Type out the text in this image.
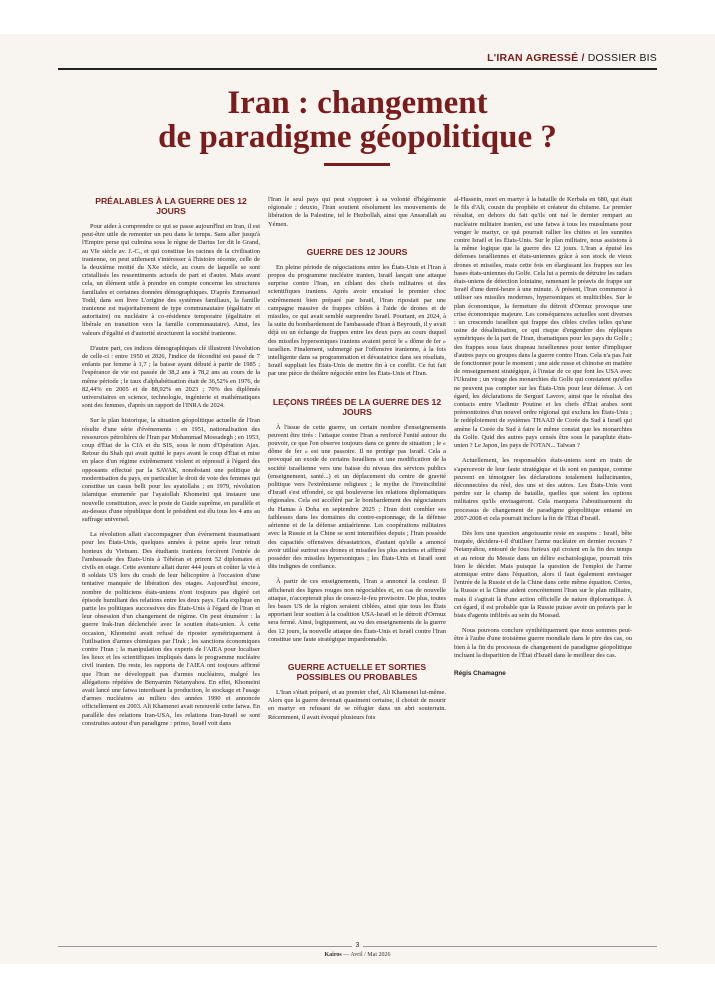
L'IRAN AGRESSÉ / DOSSIER BIS
Iran : changement
de paradigme géopolitique ?

PRÉALABLES À LA GUERRE DES 12 JOURS

Pour aider à comprendre ce qui se passe aujourd'hui en Iran, il est peut-être utile de remonter un peu dans le temps. Sans aller jusqu'à l'Empire perse qui culmina sous le règne de Darius 1er dit le Grand, au VIe siècle av. J.-C., et qui constitue les racines de la civilisation iranienne, on peut utilement s'intéresser à l'histoire récente, celle de la deuxième moitié du XXe siècle, au cours de laquelle se sont cristallisés les ressentiments actuels de part et d'autre. Mais avant cela, un élément utile à prendre en compte concerne les structures familiales et certaines données démographiques. D'après Emmanuel Todd, dans son livre L'origine des systèmes familiaux, la famille iranienne est majoritairement de type communautaire (égalitaire et autoritaire) ou nucléaire à co-résidence temporaire (égalitaire et libérale en transition vers la famille communautaire). Ainsi, les valeurs d'égalité et d'autorité structurent la société iranienne.

D'autre part, ces indices démographiques clé illustrent l'évolution de celle-ci : entre 1950 et 2026, l'indice de fécondité est passé de 7 enfants par femme à 1,7 ; la baisse ayant débuté à partir de 1985 ; l'espérance de vie est passée de 38,2 ans à 78,2 ans au cours de la même période ; le taux d'alphabétisation était de 36,52% en 1976, de 82,44% en 2005 et de 88,92% en 2023 ; 70% des diplômés universitaires en science, technologie, ingénierie et mathématiques sont des femmes, d'après un rapport de l'INRA de 2024.

Sur le plan historique, la situation géopolitique actuelle de l'Iran résulte d'une série d'événements : en 1951, nationalisation des ressources pétrolières de l'Iran par Mohammad Mossadegh ; en 1953, coup d'État de la CIA et du SIS, sous le nom d'Opération Ajax. Retour du Shah qui avait quitté le pays avant le coup d'État et mise en place d'un régime extrêmement violent et répressif à l'égard des opposants effectué par la SAVAK, nonobstant une politique de modernisation du pays, en particulier le droit de vote des femmes qui constitue un casus belli pour les ayatollahs ; en 1979, révolution islamique emmenée par l'ayatollah Khomeini qui instaure une nouvelle constitution, avec le poste de Guide suprême, en parallèle et au-dessus d'une république dont le président est élu tous les 4 ans au suffrage universel.

La révolution allait s'accompagner d'un événement traumatisant pour les États-Unis, quelques années à peine après leur retrait honteux du Vietnam. Des étudiants iraniens forcèrent l'entrée de l'ambassade des États-Unis à Téhéran et prirent 52 diplomates et civils en otage. Cette aventure allait durer 444 jours et coûter la vie à 8 soldats US lors du crash de leur hélicoptère à l'occasion d'une tentative manquée de libération des otages. Aujourd'hui encore, nombre de politiciens états-uniens n'ont toujours pas digéré cet épisode humiliant des relations entre les deux pays. Cela explique en partie les politiques successives des États-Unis à l'égard de l'Iran et leur obsession d'un changement de régime. On peut énumérer : la guerre Irak-Iran déclenchée avec le soutien états-unien. À cette occasion, Khomeini avait refusé de riposter symétriquement à l'utilisation d'armes chimiques par l'Irak ; les sanctions économiques contre l'Iran ; la manipulation des experts de l'AIEA pour localiser les lieux et les scientifiques impliqués dans le programme nucléaire civil iranien. Du reste, les rapports de l'AIEA ont toujours affirmé que l'Iran ne développait pas d'armes nucléaires, malgré les allégations répétées de Benyamin Netanyahou. En effet, Khomeini avait lancé une fatwa interdisant la production, le stockage et l'usage d'armes nucléaires au milieu des années 1990 et annoncée officiellement en 2003. Ali Khamenei avait renouvelé cette fatwa. En parallèle des relations Iran-USA, les relations Iran-Israël se sont construites autour d'un paradigme : primo, Israël voit dans

l'Iran le seul pays qui peut s'opposer à sa volonté d'hégémonie régionale ; deuxio, l'Iran soutient résolument les mouvements de libération de la Palestine, tel le Hezbollah, ainsi que Ansarallah au Yémen.

GUERRE DES 12 JOURS

En pleine période de négociations entre les États-Unis et l'Iran à propos du programme nucléaire iranien, Israël lançait une attaque surprise contre l'Iran, en ciblant des chefs militaires et des scientifiques iraniens. Après avoir encaissé le premier choc extrêmement bien préparé par Israël, l'Iran ripostait par une campagne massive de frappes ciblées à l'aide de drones et de missiles, ce qui avait semblé surprendre Israël. Pourtant, en 2024, à la suite du bombardement de l'ambassade d'Iran à Beyrouth, il y avait déjà eu un échange de frappes entre les deux pays au cours duquel des missiles hypersoniques iraniens avaient percé le « dôme de fer » israélien. Finalement, submergé par l'offensive iranienne, à la fois intelligente dans sa programmation et dévastatrice dans ses résultats, Israël suppliait les États-Unis de mettre fin à ce conflit. Ce fut fait par une pièce de théâtre négociée entre les États-Unis et l'Iran.

LEÇONS TIRÉES DE LA GUERRE DES 12 JOURS

À l'issue de cette guerre, un certain nombre d'enseignements peuvent être tirés : l'attaque contre l'Iran a renforcé l'unité autour du pouvoir, ce que l'on observe toujours dans ce genre de situation ; le « dôme de fer » est une passoire. Il ne protège pas Israël. Cela a provoqué un exode de certains Israéliens et une modification de la société israélienne vers une baisse du niveau des services publics (enseignement, santé...) et un déplacement du centre de gravité politique vers l'extrémisme religieux ; le mythe de l'invincibilité d'Israël s'est effondré, ce qui bouleverse les relations diplomatiques régionales. Cela est accéléré par le bombardement des négociateurs du Hamas à Doha en septembre 2025 ; l'Iran doit combler ses faiblesses dans les domaines du contre-espionnage, de la défense aérienne et de la défense antiaérienne. Les coopérations militaires avec la Russie et la Chine se sont intensifiées depuis ; l'Iran possède des capacités offensives dévastatrices, d'autant qu'elle a amoncé avoir utilisé surtout ses drones et missiles les plus anciens et affirmé posséder des missiles hypersoniques ; les États-Unis et Israël sont dits indignes de confiance.

À partir de ces enseignements, l'Iran a annoncé la couleur. Il afficherait des lignes rouges non négociables et, en cas de nouvelle attaque, n'accepterait plus de cessez-le-feu provisoire. De plus, toutes les bases US de la région seraient ciblées, ainsi que tous les États apportant leur soutien à la coalition USA-Israël et le détroit d'Ormuz sera fermé. Ainsi, logiquement, au vu des enseignements de la guerre des 12 jours, la nouvelle attaque des États-Unis et Israël contre l'Iran constitue une faute stratégique impardonnable.

GUERRE ACTUELLE ET SORTIES POSSIBLES OU PROBABLES

L'Iran s'était préparé, et au premier chef, Ali Khamenei lui-même. Alors que la guerre devenait quasiment certaine, il choisit de mourir en martyr en refusant de se réfugier dans un abri souterrain. Récemment, il avait évoqué plusieurs fois

al-Hussein, mort en martyr à la bataille de Kerbala en 680, qui était le fils d'Ali, cousin du prophète et créateur du chiisme. Le premier résultat, en dehors du fait qu'ils ont tué le dernier rempart au nucléaire militaire iranien, est une fatwa à tous les musulmans pour venger le martyr, ce qui pourrait rallier les chiites et les sunnites contre Israël et les États-Unis. Sur le plan militaire, nous assistons à la même logique que la guerre des 12 jours. L'Iran a épuisé les défenses israéliennes et états-uniennes grâce à son stock de vieux drones et missiles, mais cette fois en élargissant les frappes sur les bases états-uniennes du Golfe. Cela lui a permis de détruire les radars états-uniens de détection lointaine, ramenant le préavis de frappe sur Israël d'une demi-heure à une minute. À présent, l'Iran commence à utiliser ses missiles modernes, hypersoniques et multicibles. Sur le plan économique, la fermeture du détroit d'Ormuz provoque une crise économique majeure. Les conséquences actuelles sont diverses : un crescendo israélien qui frappe des cibles civiles telles qu'une usine de désalinisation, ce qui risque d'engendrer des répliques symétriques de la part de l'Iran, dramatiques pour les pays du Golfe ; des frappes sous faux drapeau israéliennes pour tenter d'impliquer d'autres pays ou groupes dans la guerre contre l'Iran. Cela n'a pas l'air de fonctionner pour le moment ; une aide russe et chinoise en matière de renseignement stratégique, à l'instar de ce que font les USA avec l'Ukraine ; un virage des monarchies du Golfe qui constatent qu'elles ne peuvent pas compter sur les États-Unis pour leur défense. À cet égard, les déclarations de Sergueï Lavrov, ainsi que le résultat des contacts entre Vladimir Poutine et les chefs d'État arabes sont prémonitoires d'un nouvel ordre régional qui exclura les États-Unis ; le redéploiement de systèmes THAAD de Corée du Sud à Israël qui amène la Corée du Sud à faire le même constat que les monarchies du Golfe. Quid des autres pays censés être sous le parapluie états-unien ? Le Japon, les pays de l'OTAN... Taïwan ?

Actuellement, les responsables états-uniens sont en train de s'apercevoir de leur faute stratégique et ils sont en panique, comme peuvent en témoigner les déclarations totalement hallucinantes, déconnectées du réel, des uns et des autres. Les États-Unis vont perdre sur le champ de bataille, quelles que soient les options militaires qu'ils envisageront. Cela marquera l'aboutissement du processus de changement de paradigme géopolitique entamé en 2007-2008 et cela pourrait inclure la fin de l'État d'Israël.

Dès lors une question angoissante reste en suspens : Israël, bête traquée, décidera-t-il d'utiliser l'arme nucléaire en dernier recours ? Netanyahou, entouré de fous furieux qui croient en la fin des temps et au retour du Messie dans un délire eschatologique, pourrait très bien le décider. Mais puisque la question de l'emploi de l'arme atomique entre dans l'équation, alors il faut également envisager l'entrée de la Russie et de la Chine dans cette même équation. Certes, la Russie et la Chine aident concrètement l'Iran sur le plan militaire, mais il s'agirait là d'une action officielle de nature diplomatique. À cet égard, il est probable que la Russie puisse avoir un préavis par le biais d'agents infiltrés au sein du Mossad.

Nous pouvons conclure synthétiquement que nous sommes peut-être à l'aube d'une troisième guerre mondiale dans le pire des cas, ou bien à la fin du processus de changement de paradigme géopolitique incluant la disparition de l'État d'Israël dans le meilleur des cas.

Régis Chamagne

3
Kairos — Avril / Mai 2026
